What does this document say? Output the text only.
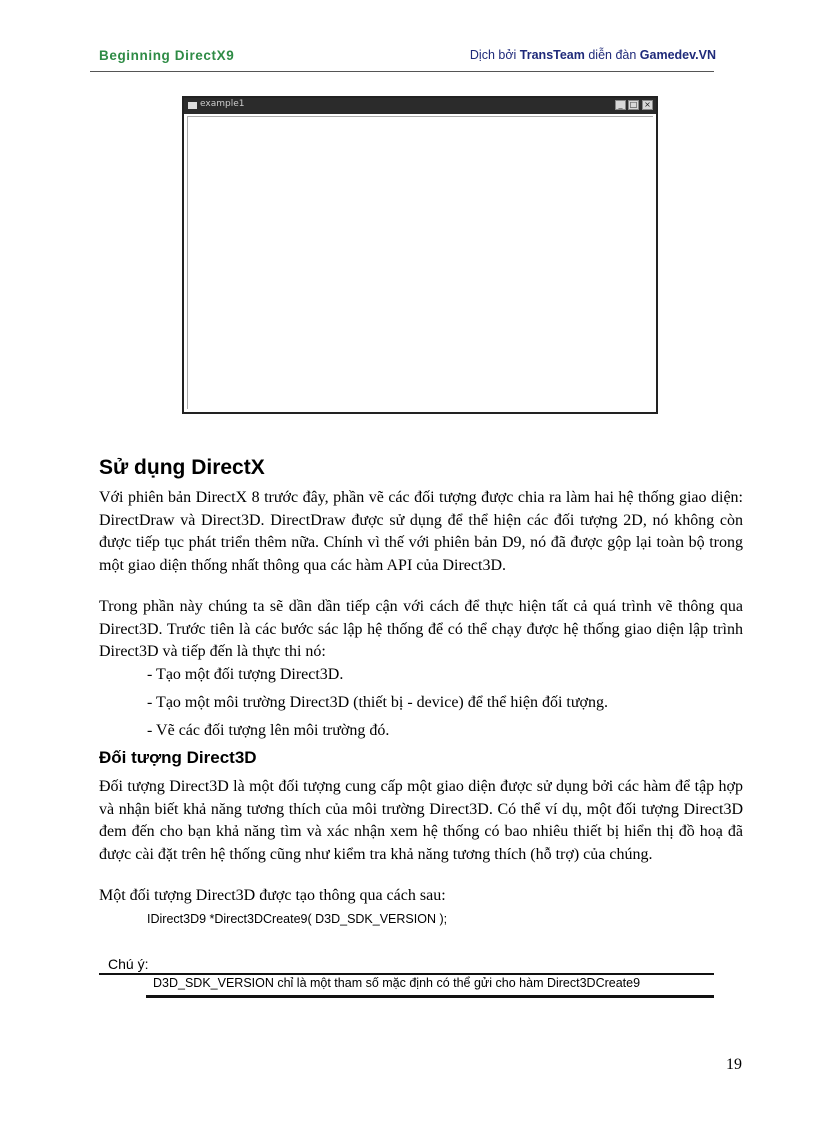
Beginning DirectX9	Dịch bởi TransTeam diễn đàn Gamedev.VN
example1	_ □ ×
Sử dụng DirectX
Với phiên bản DirectX 8 trước đây, phần vẽ các đối tượng được chia ra làm hai hệ thống giao diện: DirectDraw và Direct3D. DirectDraw được sử dụng để thể hiện các đối tượng 2D, nó không còn được tiếp tục phát triển thêm nữa. Chính vì thế với phiên bản D9, nó đã được gộp lại toàn bộ trong một giao diện thống nhất thông qua các hàm API của Direct3D.
Trong phần này chúng ta sẽ dần dần tiếp cận với cách để thực hiện tất cả quá trình vẽ thông qua Direct3D. Trước tiên là các bước sác lập hệ thống để có thể chạy được hệ thống giao diện lập trình Direct3D và tiếp đến là thực thi nó:
- Tạo một đối tượng Direct3D.
- Tạo một môi trường Direct3D (thiết bị - device) để thể hiện đối tượng.
- Vẽ các đối tượng lên môi trường đó.
Đối tượng Direct3D
Đối tượng Direct3D là một đối tượng cung cấp một giao diện được sử dụng bởi các hàm để tập hợp và nhận biết khả năng tương thích của môi trường Direct3D. Có thể ví dụ, một đối tượng Direct3D đem đến cho bạn khả năng tìm và xác nhận xem hệ thống có bao nhiêu thiết bị hiển thị đồ hoạ đã được cài đặt trên hệ thống cũng như kiểm tra khả năng tương thích (hỗ trợ) của chúng.
Một đối tượng Direct3D được tạo thông qua cách sau:
IDirect3D9 *Direct3DCreate9( D3D_SDK_VERSION );
Chú ý:
D3D_SDK_VERSION chỉ là một tham số mặc định có thể gửi cho hàm Direct3DCreate9
19
